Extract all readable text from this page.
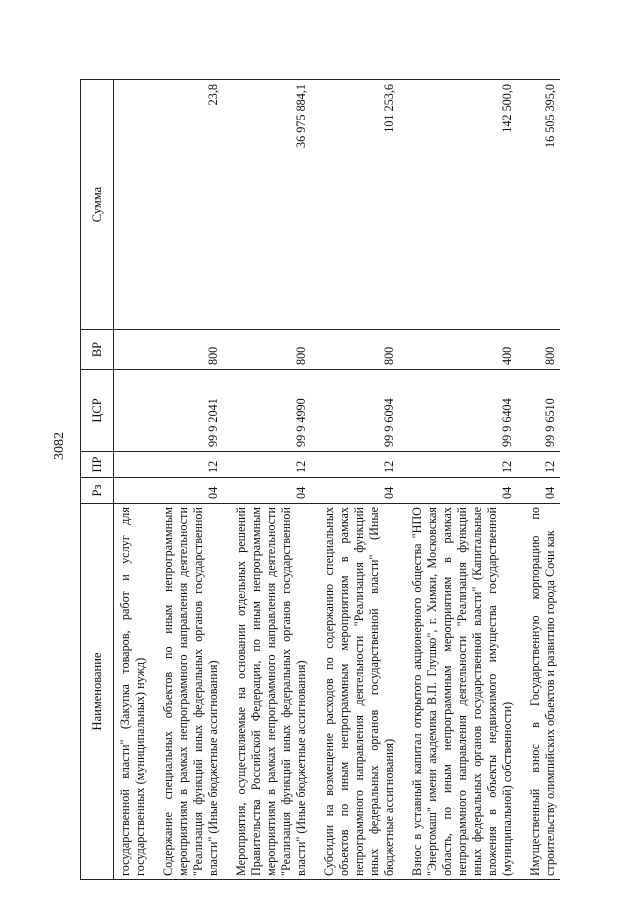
3082
Наименование	Рз	ПР	ЦСР	ВР	Сумма
государственной власти" (Закупка товаров, работ и услуг для государственных (муниципальных) нужд)					

Содержание специальных объектов по иным непрограммным мероприятиям в рамках непрограммного направления деятельности "Реализация функций иных федеральных органов государственной власти" (Иные бюджетные ассигнования)	04	12	99 9 2041	800	23,8

Мероприятия, осуществляемые на основании отдельных решений Правительства Российской Федерации, по иным непрограммным мероприятиям в рамках непрограммного направления деятельности "Реализация функций иных федеральных органов государственной власти" (Иные бюджетные ассигнования)	04	12	99 9 4990	800	36 975 884,1

Субсидии на возмещение расходов по содержанию специальных объектов по иным непрограммным мероприятиям в рамках непрограммного направления деятельности "Реализация функций иных федеральных органов государственной власти" (Иные бюджетные ассигнования)	04	12	99 9 6094	800	101 253,6

Взнос в уставный капитал открытого акционерного общества "НПО "Энергомаш" имени академика В.П. Глушко", г. Химки, Московская область, по иным непрограммным мероприятиям в рамках непрограммного направления деятельности "Реализация функций иных федеральных органов государственной власти" (Капитальные вложения в объекты недвижимого имущества государственной (муниципальной) собственности)	04	12	99 9 6404	400	142 500,0

Имущественный взнос в Государственную корпорацию по строительству олимпийских объектов и развитию города Сочи как	04	12	99 9 6510	800	16 505 395,0
